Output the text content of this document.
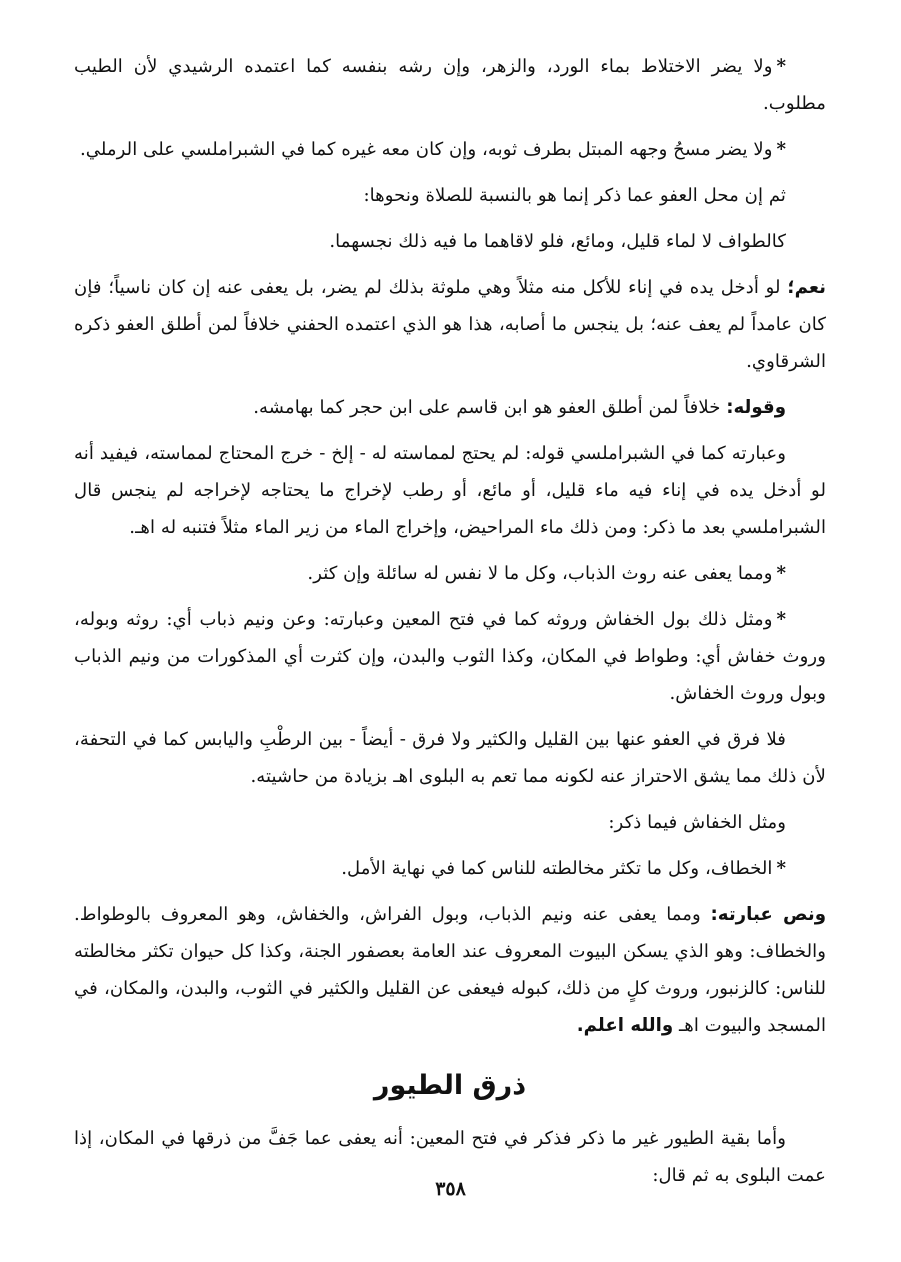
*ولا يضر الاختلاط بماء الورد، والزهر، وإن رشه بنفسه كما اعتمده الرشيدي لأن الطيب مطلوب.

*ولا يضر مسحُ وجهه المبتل بطرف ثوبه، وإن كان معه غيره كما في الشبراملسي على الرملي.

ثم إن محل العفو عما ذكر إنما هو بالنسبة للصلاة ونحوها:

كالطواف لا لماء قليل، ومائع، فلو لاقاهما ما فيه ذلك نجسهما.

نعم؛ لو أدخل يده في إناء للأكل منه مثلاً وهي ملوثة بذلك لم يضر، بل يعفى عنه إن كان ناسياً؛ فإن كان عامداً لم يعف عنه؛ بل ينجس ما أصابه، هذا هو الذي اعتمده الحفني خلافاً لمن أطلق العفو ذكره الشرقاوي.

وقوله: خلافاً لمن أطلق العفو هو ابن قاسم على ابن حجر كما بهامشه.

وعبارته كما في الشبراملسي قوله: لم يحتج لمماسته له - إلخ - خرج المحتاج لمماسته، فيفيد أنه لو أدخل يده في إناء فيه ماء قليل، أو مائع، أو رطب لإخراج ما يحتاجه لإخراجه لم ينجس قال الشبراملسي بعد ما ذكر: ومن ذلك ماء المراحيض، وإخراج الماء من زير الماء مثلاً فتنبه له اهـ.

*ومما يعفى عنه روث الذباب، وكل ما لا نفس له سائلة وإن كثر.

*ومثل ذلك بول الخفاش وروثه كما في فتح المعين وعبارته: وعن ونيم ذباب أي: روثه وبوله، وروث خفاش أي: وطواط في المكان، وكذا الثوب والبدن، وإن كثرت أي المذكورات من ونيم الذباب وبول وروث الخفاش.

فلا فرق في العفو عنها بين القليل والكثير ولا فرق - أيضاً - بين الرطْبِ واليابس كما في التحفة، لأن ذلك مما يشق الاحتراز عنه لكونه مما تعم به البلوى اهـ بزيادة من حاشيته.

ومثل الخفاش فيما ذكر:

*الخطاف، وكل ما تكثر مخالطته للناس كما في نهاية الأمل.

ونص عبارته: ومما يعفى عنه ونيم الذباب، وبول الفراش، والخفاش، وهو المعروف بالوطواط. والخطاف: وهو الذي يسكن البيوت المعروف عند العامة بعصفور الجنة، وكذا كل حيوان تكثر مخالطته للناس: كالزنبور، وروث كلٍ من ذلك، كبوله فيعفى عن القليل والكثير في الثوب، والبدن، والمكان، في المسجد والبيوت اهـ والله اعلم.

ذرق الطيور

وأما بقية الطيور غير ما ذكر فذكر في فتح المعين: أنه يعفى عما جَفَّ من ذرقها في المكان، إذا عمت البلوى به ثم قال:

٣٥٨
